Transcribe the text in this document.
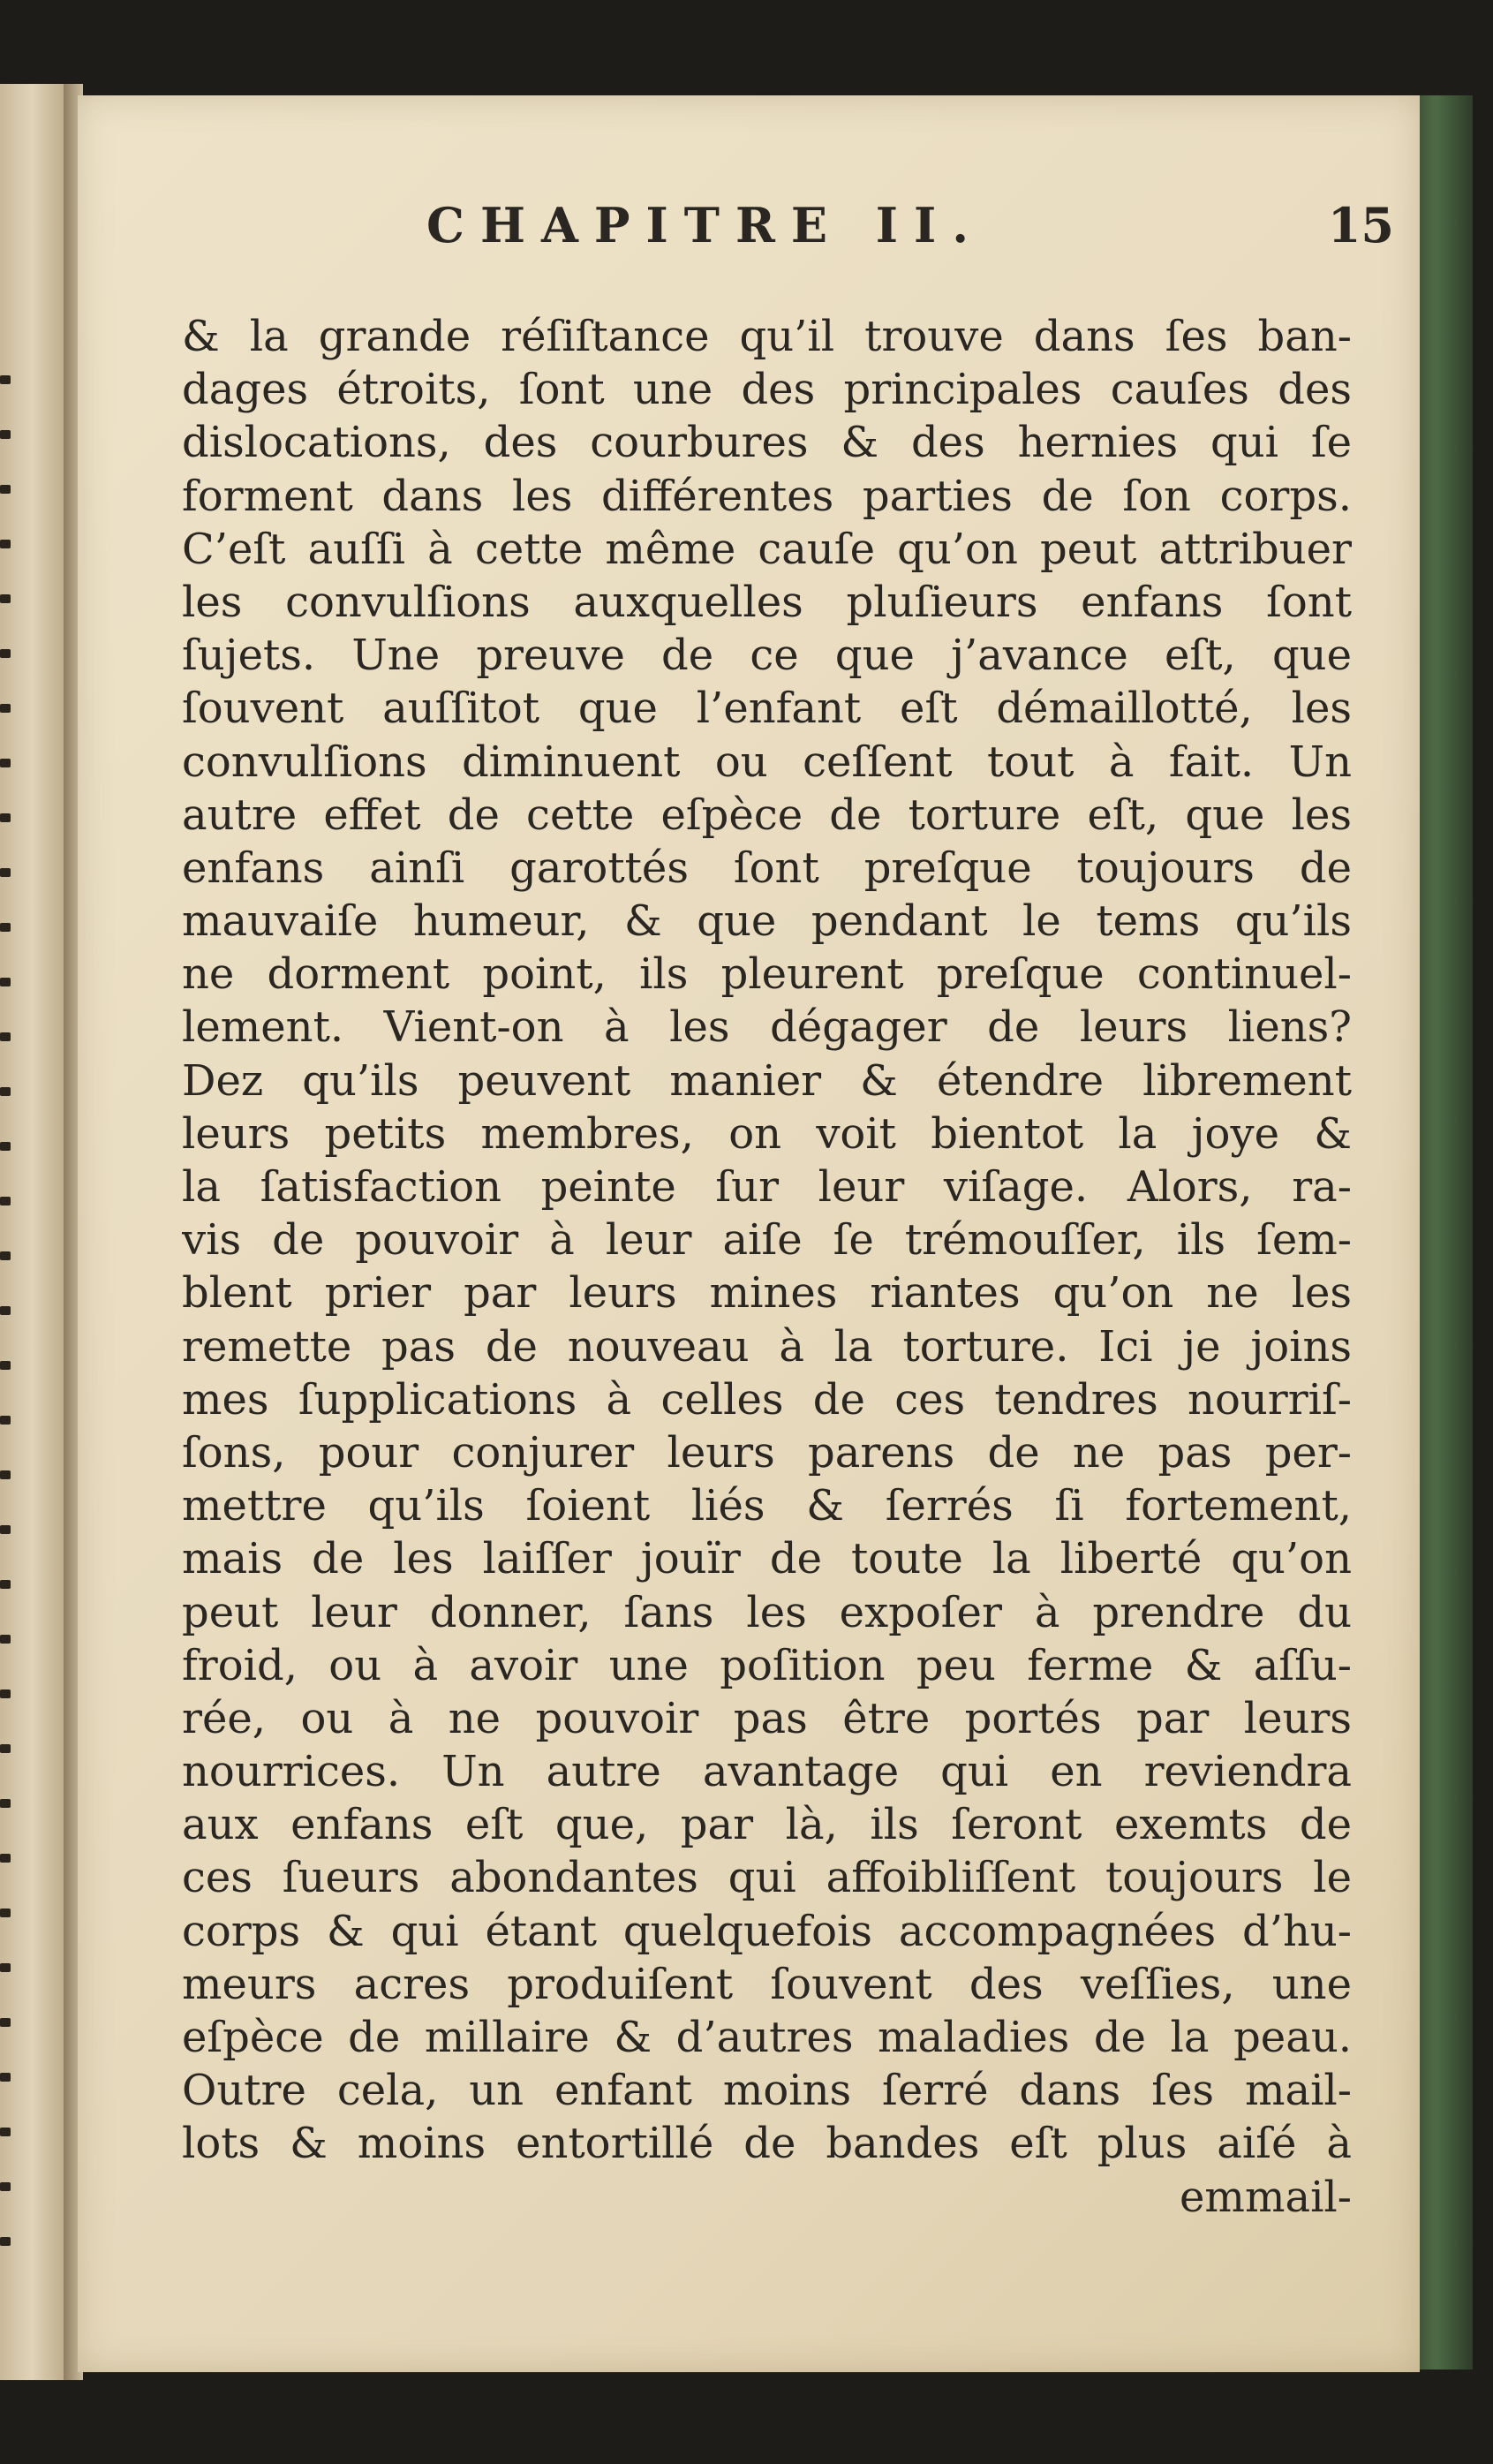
CHAPITRE II.	15
& la grande réſiſtance qu’il trouve dans ſes ban-
dages étroits, ſont une des principales cauſes des
dislocations, des courbures & des hernies qui ſe
forment dans les différentes parties de ſon corps.
C’eſt auſſi à cette même cauſe qu’on peut attribuer
les convulſions auxquelles pluſieurs enfans ſont
ſujets. Une preuve de ce que j’avance eſt, que
ſouvent auſſitot que l’enfant eſt démaillotté, les
convulſions diminuent ou ceſſent tout à fait. Un
autre effet de cette eſpèce de torture eſt, que les
enfans ainſi garottés ſont preſque toujours de
mauvaiſe humeur, & que pendant le tems qu’ils
ne dorment point, ils pleurent preſque continuel-
lement. Vient-on à les dégager de leurs liens?
Dez qu’ils peuvent manier & étendre librement
leurs petits membres, on voit bientot la joye &
la ſatisfaction peinte ſur leur viſage. Alors, ra-
vis de pouvoir à leur aiſe ſe trémouſſer, ils ſem-
blent prier par leurs mines riantes qu’on ne les
remette pas de nouveau à la torture. Ici je joins
mes ſupplications à celles de ces tendres nourriſ-
ſons, pour conjurer leurs parens de ne pas per-
mettre qu’ils ſoient liés & ſerrés ſi fortement,
mais de les laiſſer jouïr de toute la liberté qu’on
peut leur donner, ſans les expoſer à prendre du
froid, ou à avoir une poſition peu ferme & aſſu-
rée, ou à ne pouvoir pas être portés par leurs
nourrices. Un autre avantage qui en reviendra
aux enfans eſt que, par là, ils ſeront exemts de
ces ſueurs abondantes qui affoibliſſent toujours le
corps & qui étant quelquefois accompagnées d’hu-
meurs acres produiſent ſouvent des veſſies, une
eſpèce de millaire & d’autres maladies de la peau.
Outre cela, un enfant moins ſerré dans ſes mail-
lots & moins entortillé de bandes eſt plus aiſé à
emmail-
